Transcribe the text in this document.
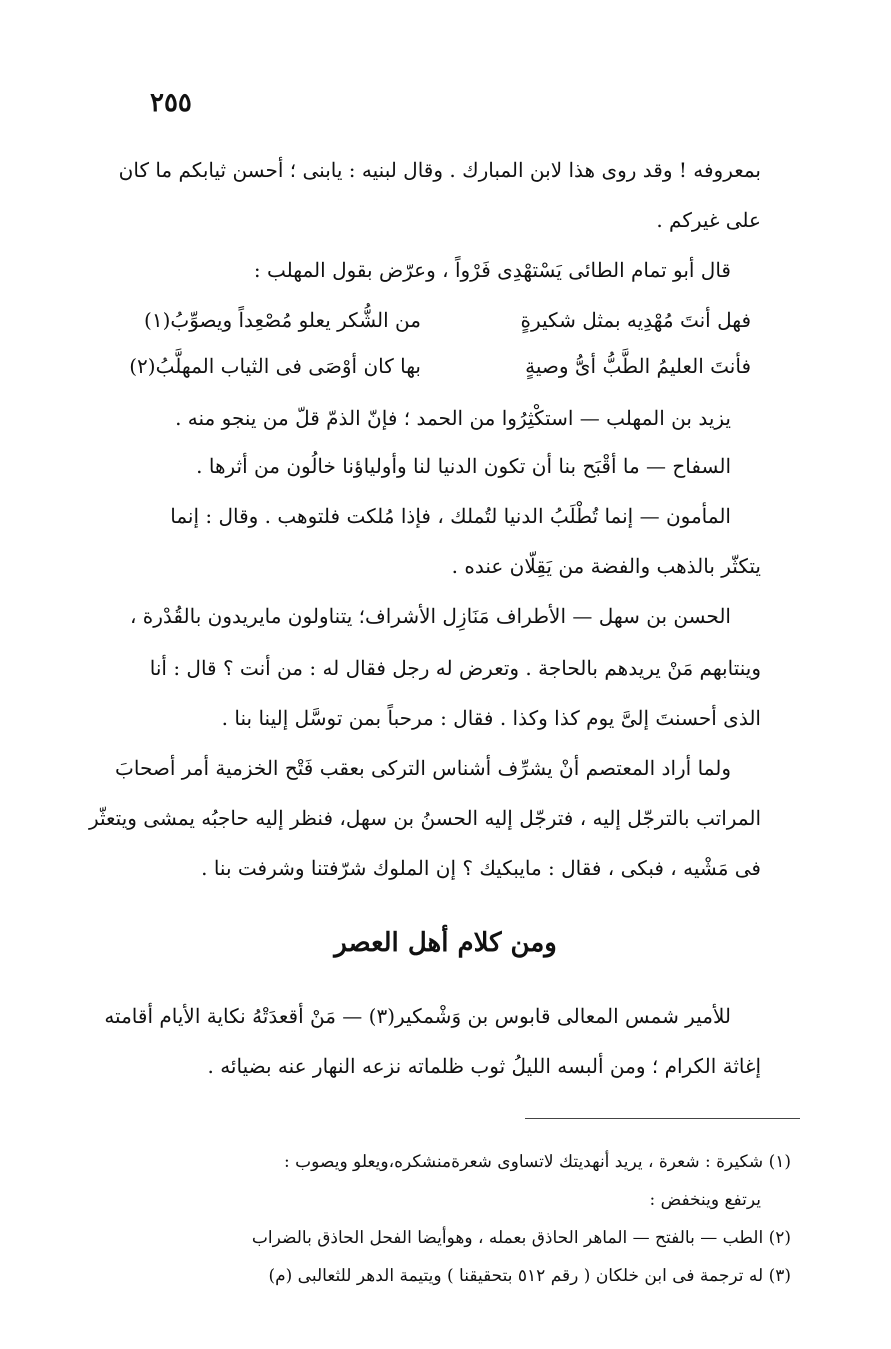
٢٥٥
بمعروفه ! وقد روى هذا لابن المبارك . وقال لبنيه : يابنى ؛ أحسن ثيابكم ما كان
على غيركم .
قال أبو تمام الطائى يَسْتهْدِى فَرْواً ، وعرّض بقول المهلب :
فهل أنتَ مُهْدِيه بمثل شكيرةٍ
من الشُّكر يعلو مُصْعِداً ويصوِّبُ(١)
فأنتَ العليمُ الطَّبُّ أىُّ وصيةٍ
بها كان أوْصَى فى الثياب المهلَّبُ(٢)
يزيد بن المهلب — استكْثِرُوا من الحمد ؛ فإنّ الذمّ قلّ من ينجو منه .
السفاح — ما أقْبَح بنا أن تكون الدنيا لنا وأولياؤنا خالُون من أثرها .
المأمون — إنما تُطْلَبُ الدنيا لتُملك ، فإذا مُلكت فلتوهب . وقال : إنما
يتكثّر بالذهب والفضة من يَقِلّان عنده .
الحسن بن سهل — الأطراف مَنَازِل الأشراف؛ يتناولون مايريدون بالقُدْرة ،
وينتابهم مَنْ يريدهم بالحاجة . وتعرض له رجل فقال له : من أنت ؟ قال : أنا
الذى أحسنتَ إلىَّ يوم كذا وكذا . فقال : مرحباً بمن توسَّل إلينا بنا .
ولما أراد المعتصم أنْ يشرِّف أشناس التركى بعقب فَتْح الخزمية أمر أصحابَ
المراتب بالترجّل إليه ، فترجّل إليه الحسنُ بن سهل، فنظر إليه حاجبُه يمشى ويتعثّر
فى مَشْيه ، فبكى ، فقال : مايبكيك ؟ إن الملوك شرّفتنا وشرفت بنا .
ومن كلام أهل العصر
للأمير شمس المعالى قابوس بن وَشْمكير(٣) — مَنْ أقعدَتْهُ نكاية الأيام أقامته
إغاثة الكرام ؛ ومن ألبسه الليلُ ثوب ظلماته نزعه النهار عنه بضيائه .
(١) شكيرة : شعرة ، يريد أنهديتك لاتساوى شعرةمنشكره،ويعلو ويصوب :
يرتفع وينخفض :
(٢) الطب — بالفتح — الماهر الحاذق بعمله ، وهوأيضا الفحل الحاذق بالضراب
(٣) له ترجمة فى ابن خلكان ( رقم ٥١٢ بتحقيقنا ) ويتيمة الدهر للثعالبى (م)
